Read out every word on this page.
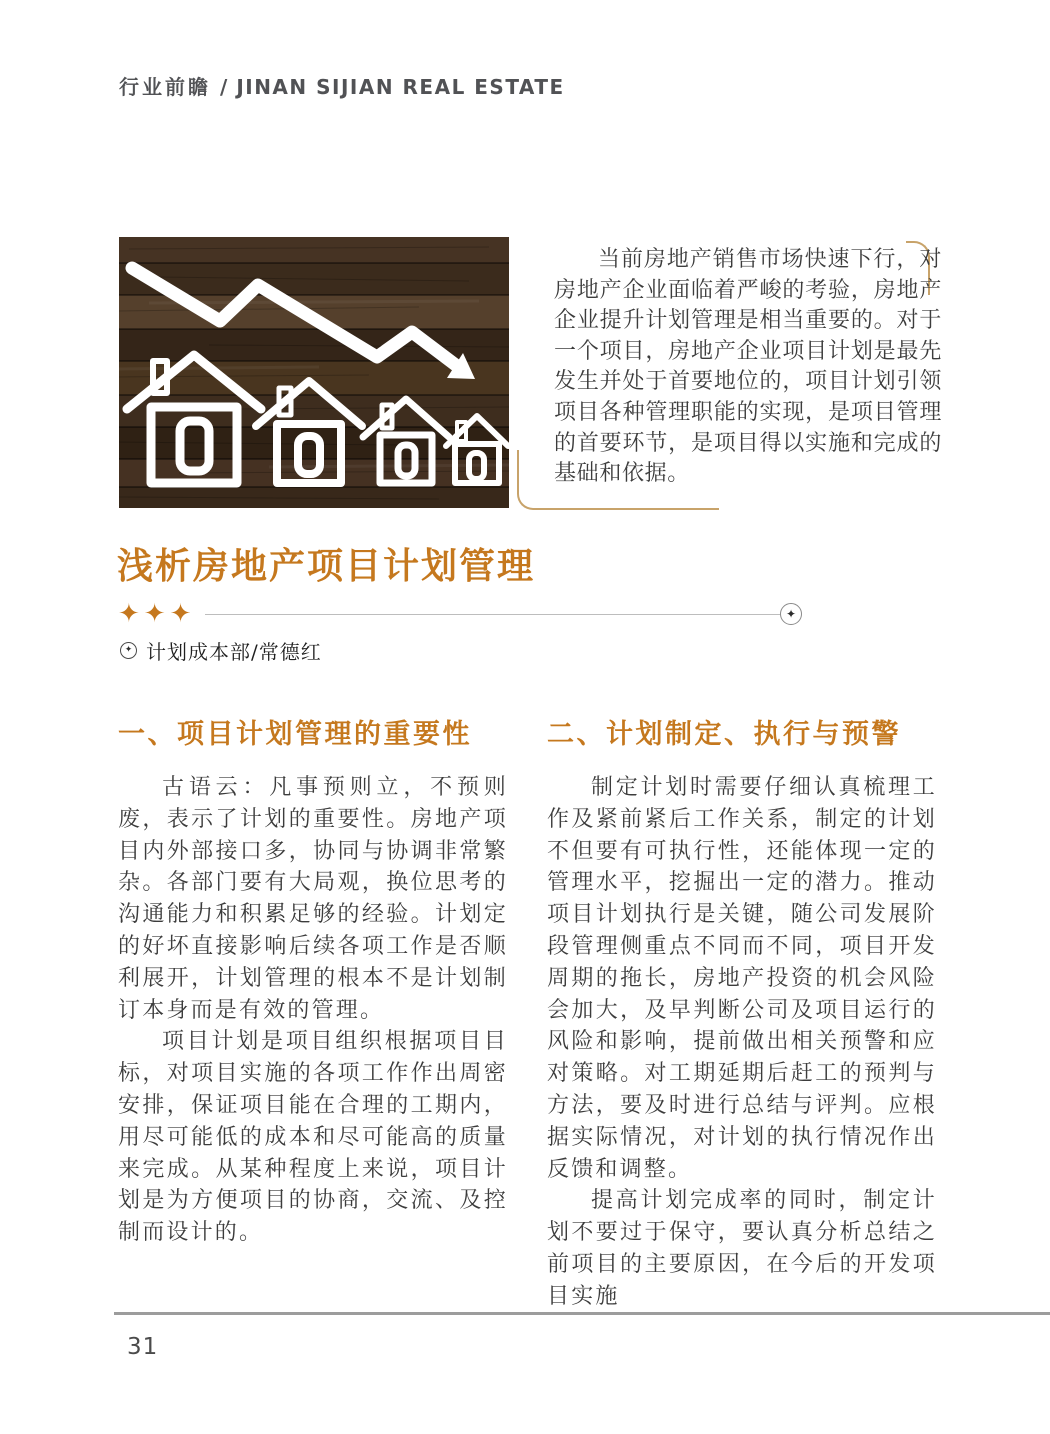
行业前瞻 / JINAN SIJIAN REAL ESTATE

当前房地产销售市场快速下行，对房地产企业面临着严峻的考验，房地产企业提升计划管理是相当重要的。对于一个项目，房地产企业项目计划是最先发生并处于首要地位的，项目计划引领项目各种管理职能的实现，是项目管理的首要环节，是项目得以实施和完成的基础和依据。

浅析房地产项目计划管理
✦ ✦ ✦	✦
✦ 计划成本部/常德红
一、项目计划管理的重要性

古语云：凡事预则立，不预则废，表示了计划的重要性。房地产项目内外部接口多，协同与协调非常繁杂。各部门要有大局观，换位思考的沟通能力和积累足够的经验。计划定的好坏直接影响后续各项工作是否顺利展开，计划管理的根本不是计划制订本身而是有效的管理。

项目计划是项目组织根据项目目标，对项目实施的各项工作作出周密安排，保证项目能在合理的工期内，用尽可能低的成本和尽可能高的质量来完成。从某种程度上来说，项目计划是为方便项目的协商，交流、及控制而设计的。

二、计划制定、执行与预警

制定计划时需要仔细认真梳理工作及紧前紧后工作关系，制定的计划不但要有可执行性，还能体现一定的管理水平，挖掘出一定的潜力。推动项目计划执行是关键，随公司发展阶段管理侧重点不同而不同，项目开发周期的拖长，房地产投资的机会风险会加大，及早判断公司及项目运行的风险和影响，提前做出相关预警和应对策略。对工期延期后赶工的预判与方法，要及时进行总结与评判。应根据实际情况，对计划的执行情况作出反馈和调整。

提高计划完成率的同时，制定计划不要过于保守，要认真分析总结之前项目的主要原因，在今后的开发项目实施

31
